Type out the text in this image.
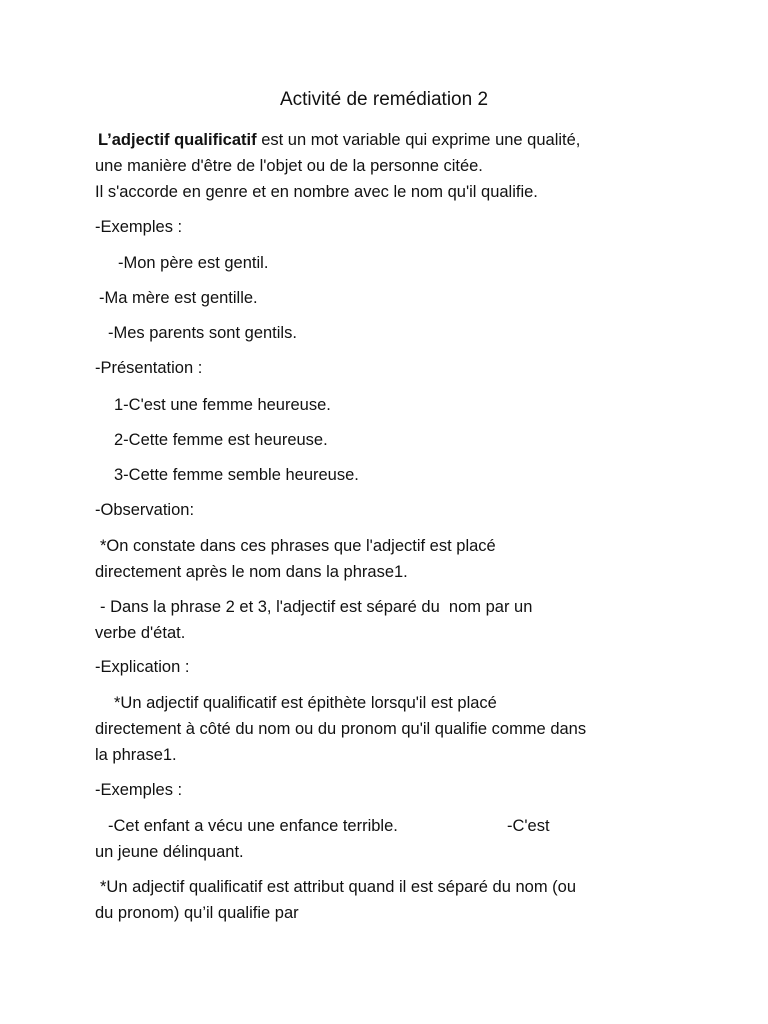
Activité de remédiation 2
L’adjectif qualificatif est un mot variable qui exprime une qualité,
une manière d'être de l'objet ou de la personne citée.
Il s'accorde en genre et en nombre avec le nom qu'il qualifie.
-Exemples :
-Mon père est gentil.
-Ma mère est gentille.
-Mes parents sont gentils.
-Présentation :
1-C'est une femme heureuse.
2-Cette femme est heureuse.
3-Cette femme semble heureuse.
-Observation:
*On constate dans ces phrases que l'adjectif est placé
directement après le nom dans la phrase1.
- Dans la phrase 2 et 3, l'adjectif est séparé du  nom par un
verbe d'état.
-Explication :
*Un adjectif qualificatif est épithète lorsqu'il est placé
directement à côté du nom ou du pronom qu'il qualifie comme dans
la phrase1.
-Exemples :
-Cet enfant a vécu une enfance terrible.	-C'est
un jeune délinquant.
*Un adjectif qualificatif est attribut quand il est séparé du nom (ou
du pronom) qu’il qualifie par
